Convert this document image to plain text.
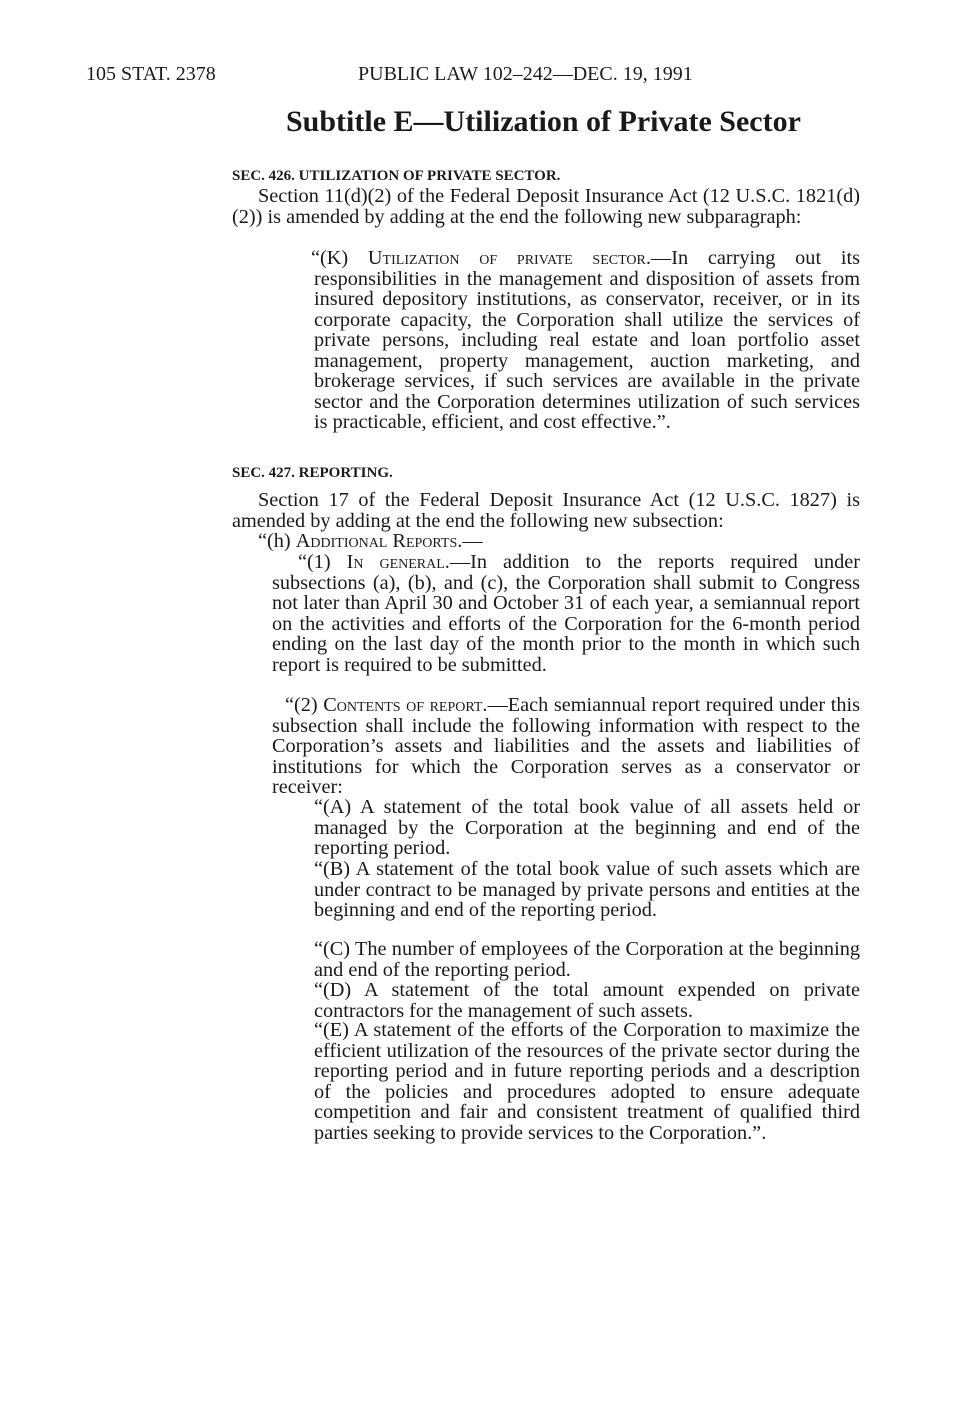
105 STAT. 2378	PUBLIC LAW 102–242—DEC. 19, 1991
Subtitle E—Utilization of Private Sector
SEC. 426. UTILIZATION OF PRIVATE SECTOR.
Section 11(d)(2) of the Federal Deposit Insurance Act (12 U.S.C. 1821(d)(2)) is amended by adding at the end the following new subparagraph:
“(K) Utilization of private sector.—In carrying out its responsibilities in the management and disposition of assets from insured depository institutions, as conservator, receiver, or in its corporate capacity, the Corporation shall utilize the services of private persons, including real estate and loan portfolio asset management, property management, auction marketing, and brokerage services, if such services are available in the private sector and the Corporation determines utilization of such services is practicable, efficient, and cost effective.”.
SEC. 427. REPORTING.
Section 17 of the Federal Deposit Insurance Act (12 U.S.C. 1827) is amended by adding at the end the following new subsection:
“(h) Additional Reports.—
“(1) In general.—In addition to the reports required under subsections (a), (b), and (c), the Corporation shall submit to Congress not later than April 30 and October 31 of each year, a semiannual report on the activities and efforts of the Corporation for the 6-month period ending on the last day of the month prior to the month in which such report is required to be submitted.
“(2) Contents of report.—Each semiannual report required under this subsection shall include the following information with respect to the Corporation’s assets and liabilities and the assets and liabilities of institutions for which the Corporation serves as a conservator or receiver:
“(A) A statement of the total book value of all assets held or managed by the Corporation at the beginning and end of the reporting period.
“(B) A statement of the total book value of such assets which are under contract to be managed by private persons and entities at the beginning and end of the reporting period.
“(C) The number of employees of the Corporation at the beginning and end of the reporting period.
“(D) A statement of the total amount expended on private contractors for the management of such assets.
“(E) A statement of the efforts of the Corporation to maximize the efficient utilization of the resources of the private sector during the reporting period and in future reporting periods and a description of the policies and procedures adopted to ensure adequate competition and fair and consistent treatment of qualified third parties seeking to provide services to the Corporation.”.
